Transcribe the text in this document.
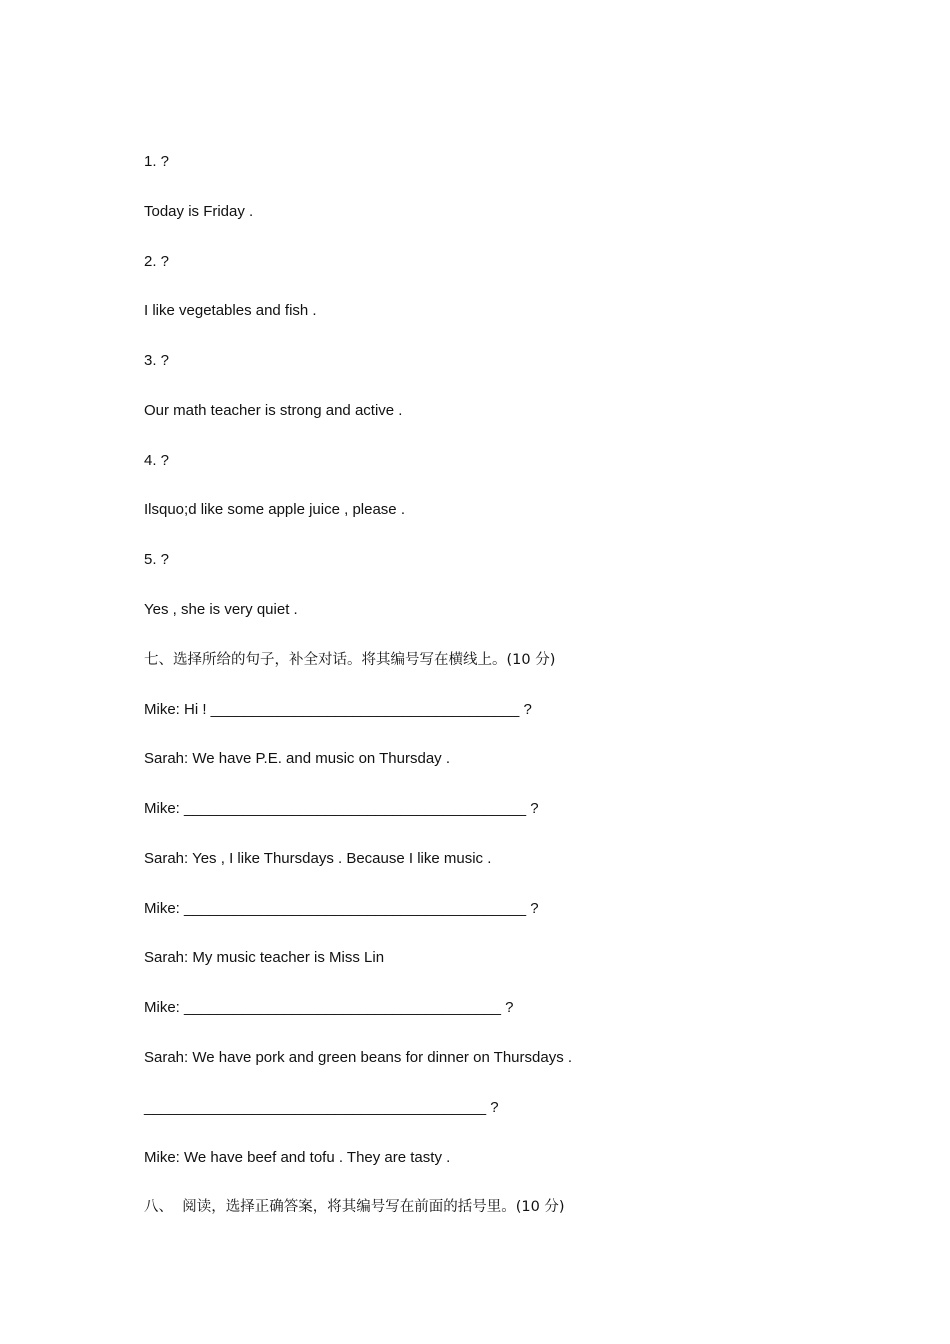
1. ?
Today is Friday .
2. ?
I like vegetables and fish .
3. ?
Our math teacher is strong and active .
4. ?
Ilsquo;d like some apple juice , please .
5. ?
Yes , she is very quiet .
七、选择所给的句子，补全对话。将其编号写在横线上。(10 分)
Mike: Hi ! _____________________________________ ?
Sarah: We have P.E. and music on Thursday .
Mike: _________________________________________ ?
Sarah: Yes , I like Thursdays . Because I like music .
Mike: _________________________________________ ?
Sarah: My music teacher is Miss Lin
Mike: ______________________________________ ?
Sarah: We have pork and green beans for dinner on Thursdays .
_________________________________________ ?
Mike: We have beef and tofu . They are tasty .
八、  阅读，选择正确答案，将其编号写在前面的括号里。(10 分)
